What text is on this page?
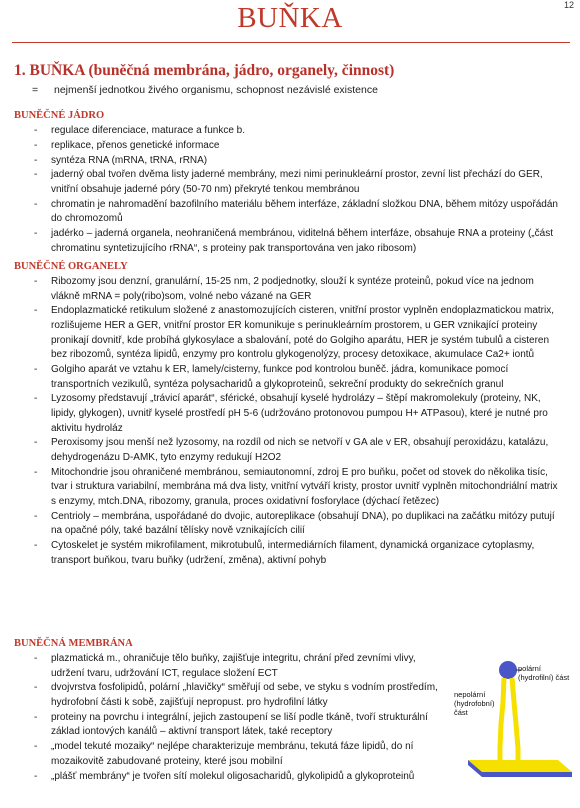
12
BUŇKA
1. BUŇKA (buněčná membrána, jádro, organely, činnost)
= nejmenší jednotkou živého organismu, schopnost nezávislé existence
BUNĚČNÉ JÁDRO
- regulace diferenciace, maturace a funkce b.
- replikace, přenos genetické informace
- syntéza RNA (mRNA, tRNA, rRNA)
- jaderný obal tvořen dvěma listy jaderné membrány, mezi nimi perinukleární prostor, zevní list přechází do GER, vnitřní obsahuje jaderné póry (50-70 nm) překryté tenkou membránou
- chromatin je nahromadění bazofilního materiálu během interfáze, základní složkou DNA, během mitózy uspořádán do chromozomů
- jadérko – jaderná organela, neohraničená membránou, viditelná během interfáze, obsahuje RNA a proteiny („část chromatinu syntetizujícího rRNA“, s proteiny pak transportována ven jako ribosom)
BUNĚČNÉ ORGANELY
- Ribozomy jsou denzní, granulární, 15-25 nm, 2 podjednotky, slouží k syntéze proteinů, pokud více na jednom vlákně mRNA = poly(ribo)som, volné nebo vázané na GER
- Endoplazmatické retikulum složené z anastomozujících cisteren, vnitřní prostor vyplněn endoplazmatickou matrix, rozlišujeme HER a GER, vnitřní prostor ER komunikuje s perinukleárním prostorem, u GER vznikající proteiny pronikají dovnitř, kde probíhá glykosylace a sbalování, poté do Golgiho aparátu, HER je systém tubulů a cisteren bez ribozomů, syntéza lipidů, enzymy pro kontrolu glykogenolýzy, procesy detoxikace, akumulace Ca2+ iontů
- Golgiho aparát ve vztahu k ER, lamely/cisterny, funkce pod kontrolou buněč. jádra, komunikace pomocí transportních vezikulů, syntéza polysacharidů a glykoproteinů, sekreční produkty do sekrečních granul
- Lyzosomy představují „trávicí aparát“, sférické, obsahují kyselé hydrolázy – štěpí makromolekuly (proteiny, NK, lipidy, glykogen), uvnitř kyselé prostředí pH 5-6 (udržováno protonovou pumpou H+ ATPasou), které je nutné pro aktivitu hydroláz
- Peroxisomy jsou menší než lyzosomy, na rozdíl od nich se netvoří v GA ale v ER, obsahují peroxidázu, katalázu, dehydrogenázu D-AMK, tyto enzymy redukují H2O2
- Mitochondrie jsou ohraničené membránou, semiautonomní, zdroj E pro buňku, počet od stovek do několika tisíc, tvar i struktura variabilní, membrána má dva listy, vnitřní vytváří kristy, prostor uvnitř vyplněn mitochondriální matrix s enzymy, mtch.DNA, ribozomy, granula, proces oxidativní fosforylace (dýchací řetězec)
- Centrioly – membrána, uspořádané do dvojic, autoreplikace (obsahují DNA), po duplikaci na začátku mitózy putují na opačné póly, také bazální tělísky nově vznikajících cilií
- Cytoskelet je systém mikrofilament, mikrotubulů, intermediárních filament, dynamická organizace cytoplasmy, transport buňkou, tvaru buňky (udržení, změna), aktivní pohyb
BUNĚČNÁ MEMBRÁNA
- plazmatická m., ohraničuje tělo buňky, zajišťuje integritu, chrání před zevními vlivy, udržení tvaru, udržování ICT, regulace složení ECT
- dvojvrstva fosfolipidů, polární „hlavičky“ směřují od sebe, ve styku s vodním prostředím, hydrofobní části k sobě, zajišťují nepropust. pro hydrofilní látky
- proteiny na povrchu i integrální, jejich zastoupení se liší podle tkáně, tvoří strukturální základ iontových kanálů – aktivní transport látek, také receptory
- „model tekuté mozaiky“ nejlépe charakterizuje membránu, tekutá fáze lipidů, do ní mozaikovitě zabudované proteiny, které jsou mobilní
- „plášť membrány“ je tvořen sítí molekul oligosacharidů, glykolipidů a glykoproteinů
polární (hydrofilní) část
nepolární (hydrofobní) část
